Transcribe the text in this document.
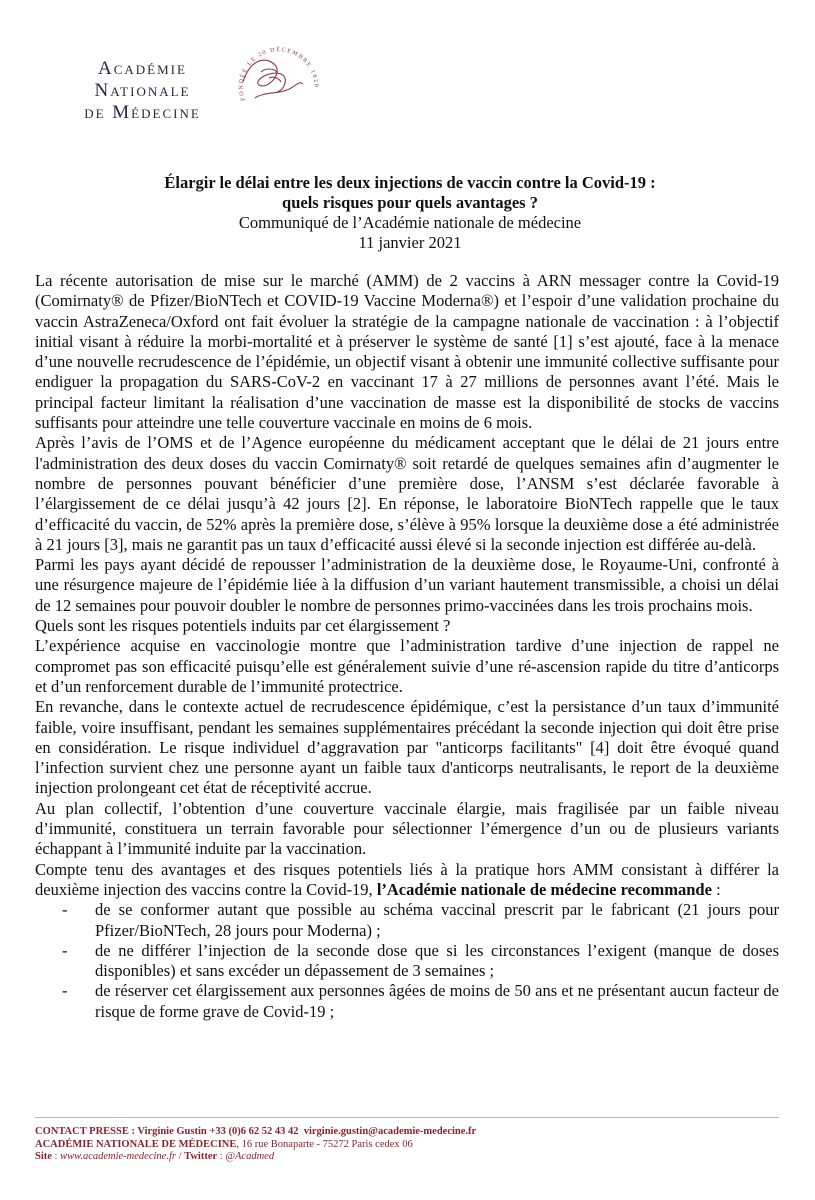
Académie
Nationale
de Médecine
FONDÉE LE 20 DÉCEMBRE 1820
Élargir le délai entre les deux injections de vaccin contre la Covid-19 :
quels risques pour quels avantages ?
Communiqué de l’Académie nationale de médecine
11 janvier 2021

La récente autorisation de mise sur le marché (AMM) de 2 vaccins à ARN messager contre la Covid-19 (Comirnaty® de Pfizer/BioNTech et COVID-19 Vaccine Moderna®) et l’espoir d’une validation prochaine du vaccin AstraZeneca/Oxford ont fait évoluer la stratégie de la campagne nationale de vaccination : à l’objectif initial visant à réduire la morbi-mortalité et à préserver le système de santé [1] s’est ajouté, face à la menace d’une nouvelle recrudescence de l’épidémie, un objectif visant à obtenir une immunité collective suffisante pour endiguer la propagation du SARS-CoV-2 en vaccinant 17 à 27 millions de personnes avant l’été. Mais le principal facteur limitant la réalisation d’une vaccination de masse est la disponibilité de stocks de vaccins suffisants pour atteindre une telle couverture vaccinale en moins de 6 mois.

Après l’avis de l’OMS et de l’Agence européenne du médicament acceptant que le délai de 21 jours entre l'administration des deux doses du vaccin Comirnaty® soit retardé de quelques semaines afin d’augmenter le nombre de personnes pouvant bénéficier d’une première dose, l’ANSM s’est déclarée favorable à l’élargissement de ce délai jusqu’à 42 jours [2]. En réponse, le laboratoire BioNTech rappelle que le taux d’efficacité du vaccin, de 52% après la première dose, s’élève à 95% lorsque la deuxième dose a été administrée à 21 jours [3], mais ne garantit pas un taux d’efficacité aussi élevé si la seconde injection est différée au-delà.

Parmi les pays ayant décidé de repousser l’administration de la deuxième dose, le Royaume-Uni, confronté à une résurgence majeure de l’épidémie liée à la diffusion d’un variant hautement transmissible, a choisi un délai de 12 semaines pour pouvoir doubler le nombre de personnes primo-vaccinées dans les trois prochains mois.

Quels sont les risques potentiels induits par cet élargissement ?

L’expérience acquise en vaccinologie montre que l’administration tardive d’une injection de rappel ne compromet pas son efficacité puisqu’elle est généralement suivie d’une ré-ascension rapide du titre d’anticorps et d’un renforcement durable de l’immunité protectrice.

En revanche, dans le contexte actuel de recrudescence épidémique, c’est la persistance d’un taux d’immunité faible, voire insuffisant, pendant les semaines supplémentaires précédant la seconde injection qui doit être prise en considération. Le risque individuel d’aggravation par "anticorps facilitants" [4] doit être évoqué quand l’infection survient chez une personne ayant un faible taux d'anticorps neutralisants, le report de la deuxième injection prolongeant cet état de réceptivité accrue.

Au plan collectif, l’obtention d’une couverture vaccinale élargie, mais fragilisée par un faible niveau d’immunité, constituera un terrain favorable pour sélectionner l’émergence d’un ou de plusieurs variants échappant à l’immunité induite par la vaccination.

Compte tenu des avantages et des risques potentiels liés à la pratique hors AMM consistant à différer la deuxième injection des vaccins contre la Covid-19, l’Académie nationale de médecine recommande :

- de se conformer autant que possible au schéma vaccinal prescrit par le fabricant (21 jours pour Pfizer/BioNTech, 28 jours pour Moderna) ;
- de ne différer l’injection de la seconde dose que si les circonstances l’exigent (manque de doses disponibles) et sans excéder un dépassement de 3 semaines ;
- de réserver cet élargissement aux personnes âgées de moins de 50 ans et ne présentant aucun facteur de risque de forme grave de Covid-19 ;
CONTACT PRESSE : Virginie Gustin +33 (0)6 62 52 43 42 virginie.gustin@academie-medecine.fr
ACADÉMIE NATIONALE DE MÉDECINE, 16 rue Bonaparte - 75272 Paris cedex 06
Site : www.academie-medecine.fr / Twitter : @Acadmed
